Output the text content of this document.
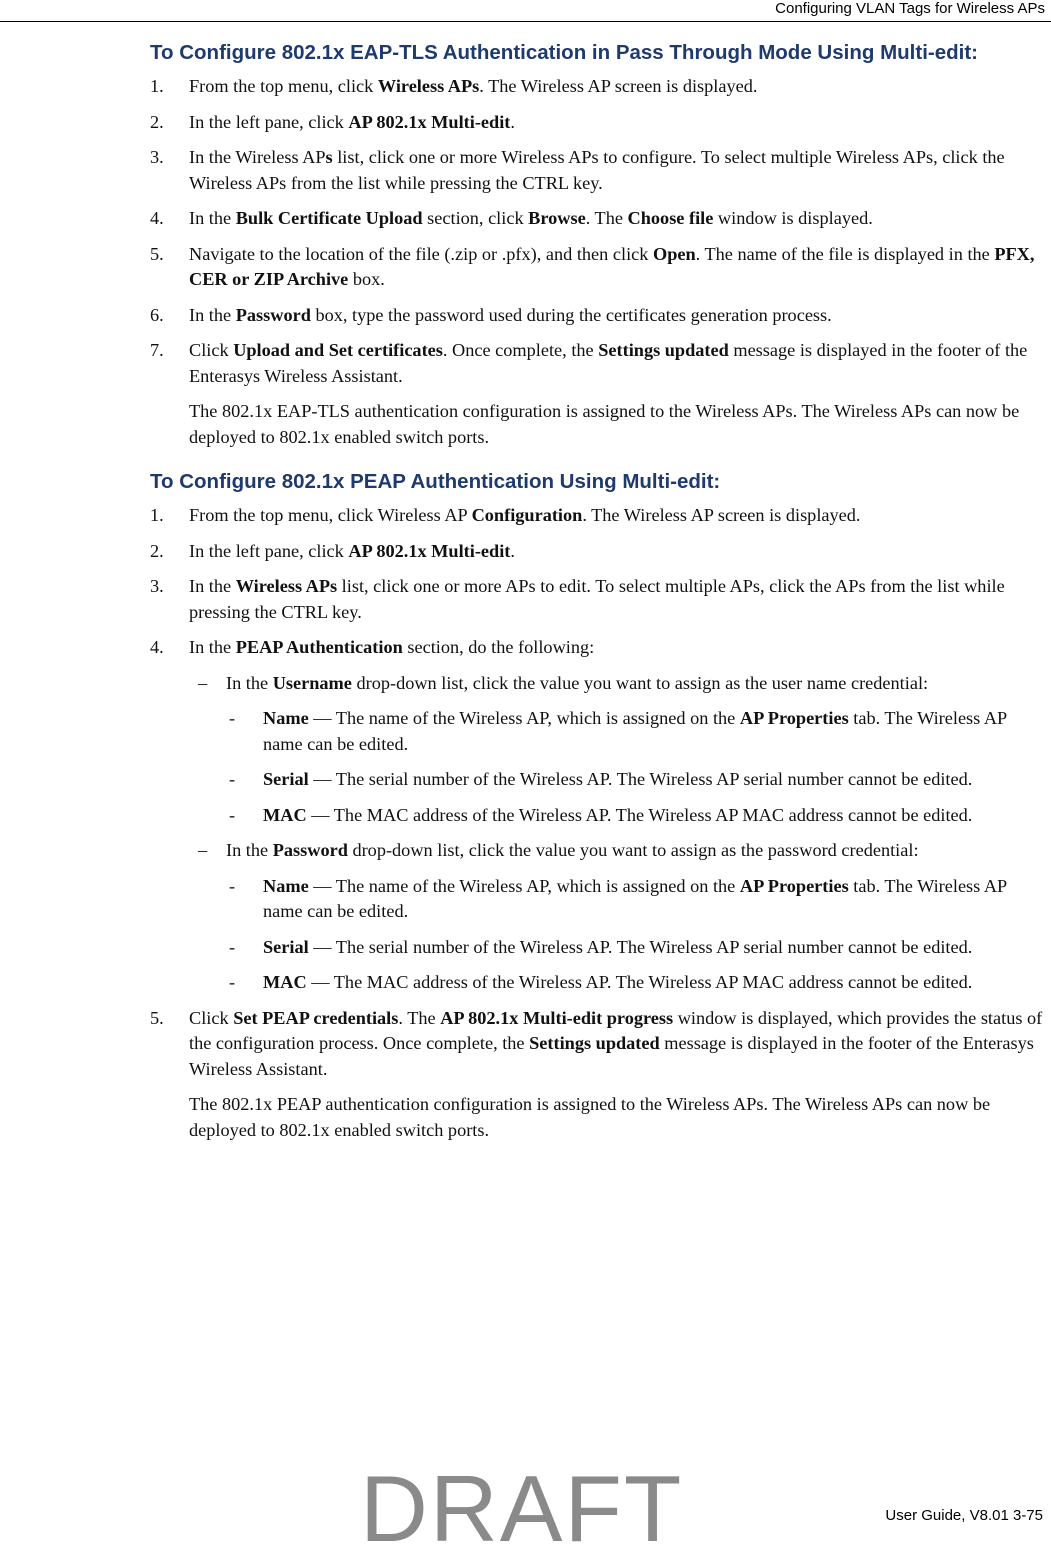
Configuring VLAN Tags for Wireless APs
To Configure 802.1x EAP-TLS Authentication in Pass Through Mode Using Multi-edit:
1. From the top menu, click Wireless APs. The Wireless AP screen is displayed.
2. In the left pane, click AP 802.1x Multi-edit.
3. In the Wireless APs list, click one or more Wireless APs to configure. To select multiple Wireless APs, click the Wireless APs from the list while pressing the CTRL key.
4. In the Bulk Certificate Upload section, click Browse. The Choose file window is displayed.
5. Navigate to the location of the file (.zip or .pfx), and then click Open. The name of the file is displayed in the PFX, CER or ZIP Archive box.
6. In the Password box, type the password used during the certificates generation process.
7. Click Upload and Set certificates. Once complete, the Settings updated message is displayed in the footer of the Enterasys Wireless Assistant.
The 802.1x EAP-TLS authentication configuration is assigned to the Wireless APs. The Wireless APs can now be deployed to 802.1x enabled switch ports.
To Configure 802.1x PEAP Authentication Using Multi-edit:
1. From the top menu, click Wireless AP Configuration. The Wireless AP screen is displayed.
2. In the left pane, click AP 802.1x Multi-edit.
3. In the Wireless APs list, click one or more APs to edit. To select multiple APs, click the APs from the list while pressing the CTRL key.
4. In the PEAP Authentication section, do the following:
– In the Username drop-down list, click the value you want to assign as the user name credential:
- Name — The name of the Wireless AP, which is assigned on the AP Properties tab. The Wireless AP name can be edited.
- Serial — The serial number of the Wireless AP. The Wireless AP serial number cannot be edited.
- MAC — The MAC address of the Wireless AP. The Wireless AP MAC address cannot be edited.
– In the Password drop-down list, click the value you want to assign as the password credential:
- Name — The name of the Wireless AP, which is assigned on the AP Properties tab. The Wireless AP name can be edited.
- Serial — The serial number of the Wireless AP. The Wireless AP serial number cannot be edited.
- MAC — The MAC address of the Wireless AP. The Wireless AP MAC address cannot be edited.
5. Click Set PEAP credentials. The AP 802.1x Multi-edit progress window is displayed, which provides the status of the configuration process. Once complete, the Settings updated message is displayed in the footer of the Enterasys Wireless Assistant.
The 802.1x PEAP authentication configuration is assigned to the Wireless APs. The Wireless APs can now be deployed to 802.1x enabled switch ports.
User Guide, V8.01 3-75
DRAFT
